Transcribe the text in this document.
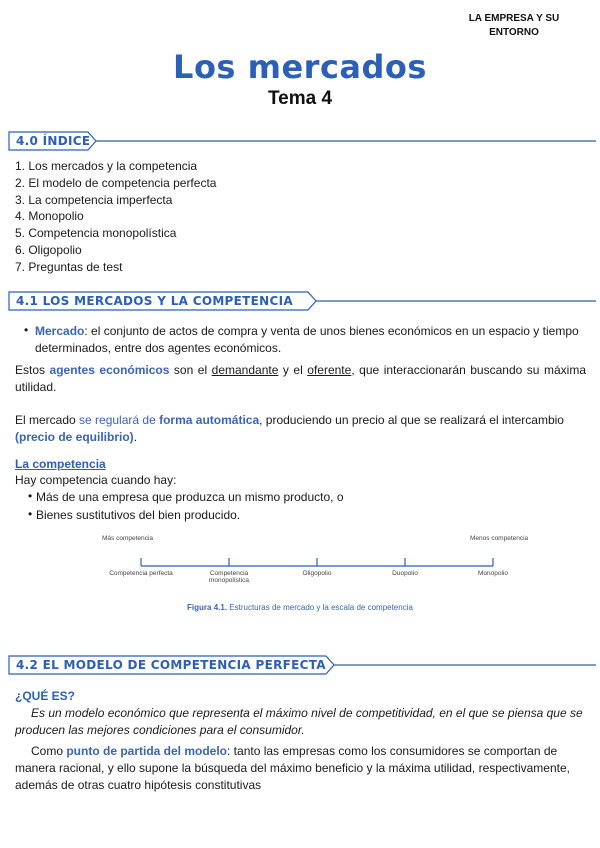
LA EMPRESA Y SU
ENTORNO
Los mercados
Tema 4
4.0 ÍNDICE
1. Los mercados y la competencia
2. El modelo de competencia perfecta
3. La competencia imperfecta
4. Monopolio
5. Competencia monopolística
6. Oligopolio
7. Preguntas de test
4.1 LOS MERCADOS Y LA COMPETENCIA
• Mercado: el conjunto de actos de compra y venta de unos bienes económicos en un espacio y tiempo determinados, entre dos agentes económicos.
Estos agentes económicos son el demandante y el oferente, que interaccionarán buscando su máxima utilidad.
El mercado se regulará de forma automática, produciendo un precio al que se realizará el intercambio (precio de equilibrio).
La competencia
Hay competencia cuando hay:
• Más de una empresa que produzca un mismo producto, o
• Bienes sustitutivos del bien producido.
Más competencia	Menos competencia
Competencia perfecta	Competencia monopolística
Oligopolio	Duopolio	Monopolio
Figura 4.1. Estructuras de mercado y la escala de competencia
4.2 EL MODELO DE COMPETENCIA PERFECTA
¿QUÉ ES?
Es un modelo económico que representa el máximo nivel de competitividad, en el que se piensa que se producen las mejores condiciones para el consumidor.
Como punto de partida del modelo: tanto las empresas como los consumidores se comportan de manera racional, y ello supone la búsqueda del máximo beneficio y la máxima utilidad, respectivamente, además de otras cuatro hipótesis constitutivas
